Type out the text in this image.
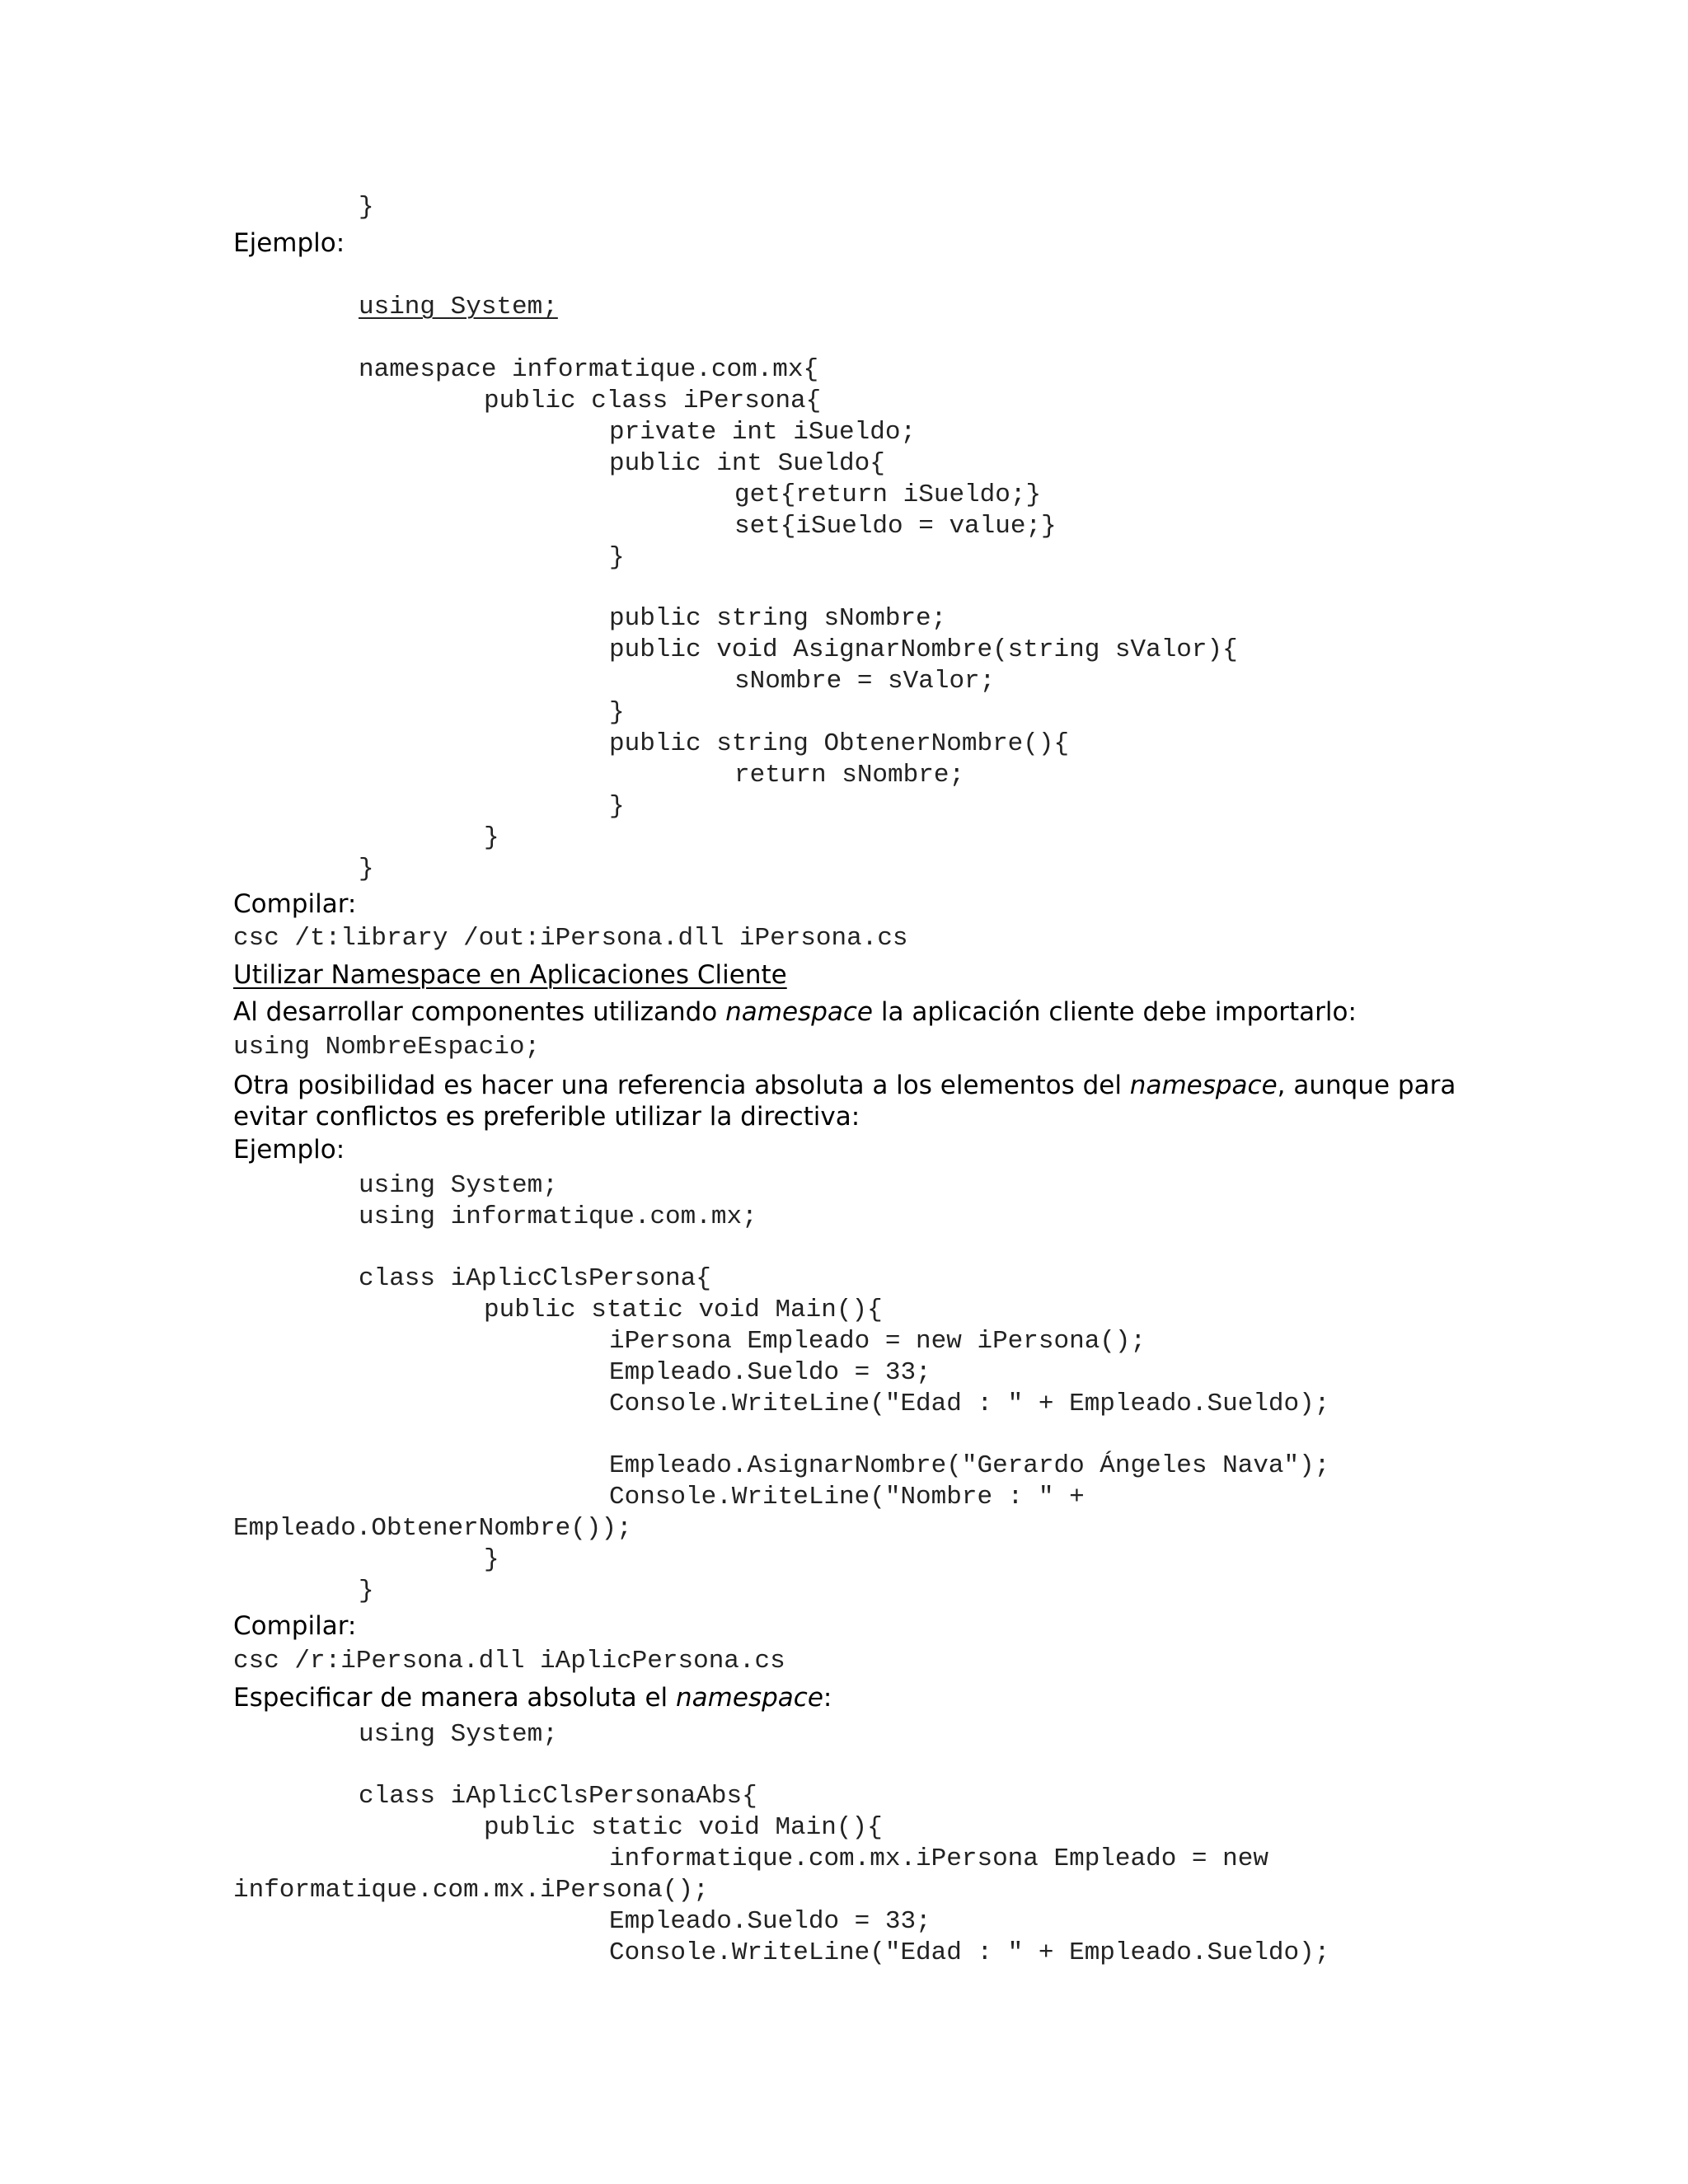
}
Ejemplo:
using System;
namespace informatique.com.mx{
public class iPersona{
private int iSueldo;
public int Sueldo{
get{return iSueldo;}
set{iSueldo = value;}
}
public string sNombre;
public void AsignarNombre(string sValor){
sNombre = sValor;
}
public string ObtenerNombre(){
return sNombre;
}
}
}
Compilar:
csc /t:library /out:iPersona.dll iPersona.cs
Utilizar Namespace en Aplicaciones Cliente
Al desarrollar componentes utilizando namespace la aplicación cliente debe importarlo:
using NombreEspacio;
Otra posibilidad es hacer una referencia absoluta a los elementos del namespace, aunque para
evitar conflictos es preferible utilizar la directiva:
Ejemplo:
using System;
using informatique.com.mx;
class iAplicClsPersona{
public static void Main(){
iPersona Empleado = new iPersona();
Empleado.Sueldo = 33;
Console.WriteLine("Edad : " + Empleado.Sueldo);
Empleado.AsignarNombre("Gerardo Ángeles Nava");
Console.WriteLine("Nombre : " +
Empleado.ObtenerNombre());
}
}
Compilar:
csc /r:iPersona.dll iAplicPersona.cs
Especificar de manera absoluta el namespace:
using System;
class iAplicClsPersonaAbs{
public static void Main(){
informatique.com.mx.iPersona Empleado = new
informatique.com.mx.iPersona();
Empleado.Sueldo = 33;
Console.WriteLine("Edad : " + Empleado.Sueldo);
